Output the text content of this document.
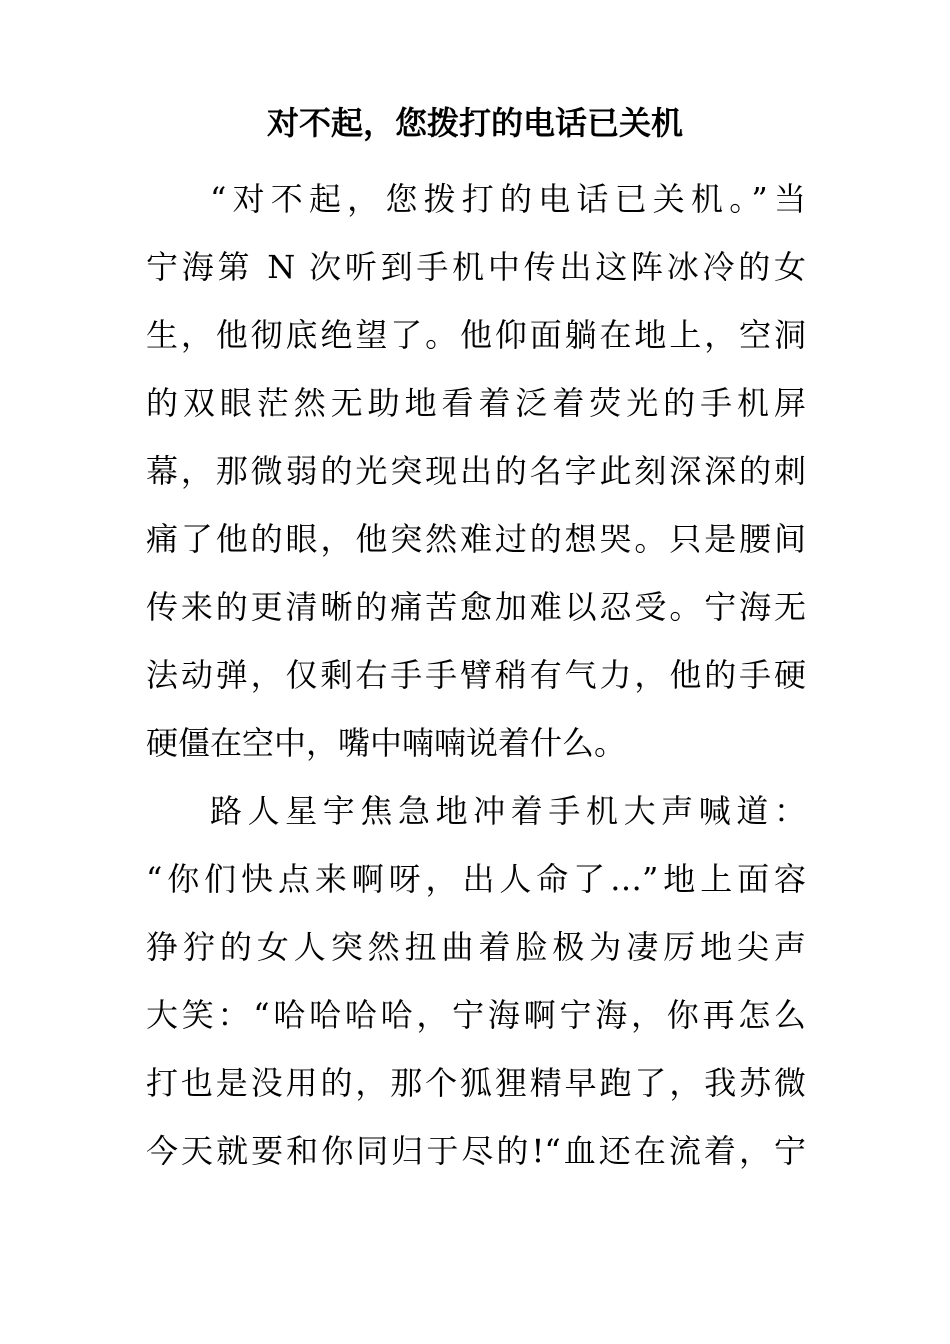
对不起，您拨打的电话已关机
“对不起，您拨打的电话已关机。”当
宁海第 N 次听到手机中传出这阵冰冷的女
生，他彻底绝望了。他仰面躺在地上，空洞
的双眼茫然无助地看着泛着荧光的手机屏
幕，那微弱的光突现出的名字此刻深深的刺
痛了他的眼，他突然难过的想哭。只是腰间
传来的更清晰的痛苦愈加难以忍受。宁海无
法动弹，仅剩右手手臂稍有气力，他的手硬
硬僵在空中，嘴中喃喃说着什么。
路人星宇焦急地冲着手机大声喊道：
“你们快点来啊呀，出人命了…”地上面容
狰狞的女人突然扭曲着脸极为凄厉地尖声
大笑：“哈哈哈哈，宁海啊宁海，你再怎么
打也是没用的，那个狐狸精早跑了，我苏微
今天就要和你同归于尽的!“血还在流着，宁
